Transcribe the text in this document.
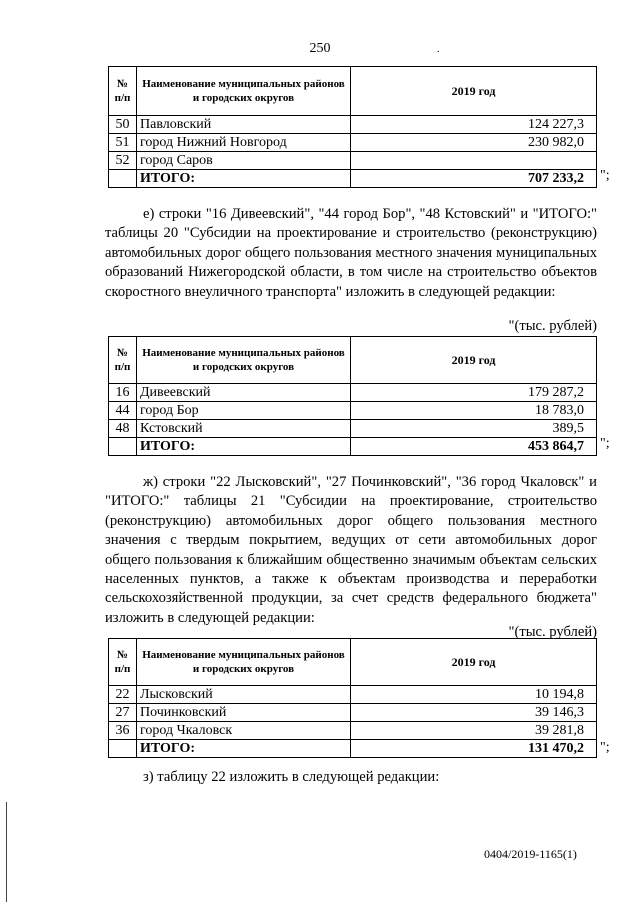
250	.
№ п/п	Наименование муниципальных районов и городских округов	2019 год
50	Павловский	124 227,3
51	город Нижний Новгород	230 982,0
52	город Саров	
	ИТОГО:	707 233,2 ";
е) строки "16 Дивеевский", "44 город Бор", "48 Кстовский" и "ИТОГО:" таблицы 20 "Субсидии на проектирование и строительство (реконструкцию) автомобильных дорог общего пользования местного значения муниципальных образований Нижегородской области, в том числе на строительство объектов скоростного внеуличного транспорта" изложить в следующей редакции:
"(тыс. рублей)
№ п/п	Наименование муниципальных районов и городских округов	2019 год
16	Дивеевский	179 287,2
44	город Бор	18 783,0
48	Кстовский	389,5
	ИТОГО:	453 864,7 ";
ж) строки "22 Лысковский", "27 Починковский", "36 город Чкаловск" и "ИТОГО:" таблицы 21 "Субсидии на проектирование, строительство (реконструкцию) автомобильных дорог общего пользования местного значения с твердым покрытием, ведущих от сети автомобильных дорог общего пользования к ближайшим общественно значимым объектам сельских населенных пунктов, а также к объектам производства и переработки сельскохозяйственной продукции, за счет средств федерального бюджета" изложить в следующей редакции:
"(тыс. рублей)
№ п/п	Наименование муниципальных районов и городских округов	2019 год
22	Лысковский	10 194,8
27	Починковский	39 146,3
36	город Чкаловск	39 281,8
	ИТОГО:	131 470,2 ";
з) таблицу 22 изложить в следующей редакции:
0404/2019-1165(1)
